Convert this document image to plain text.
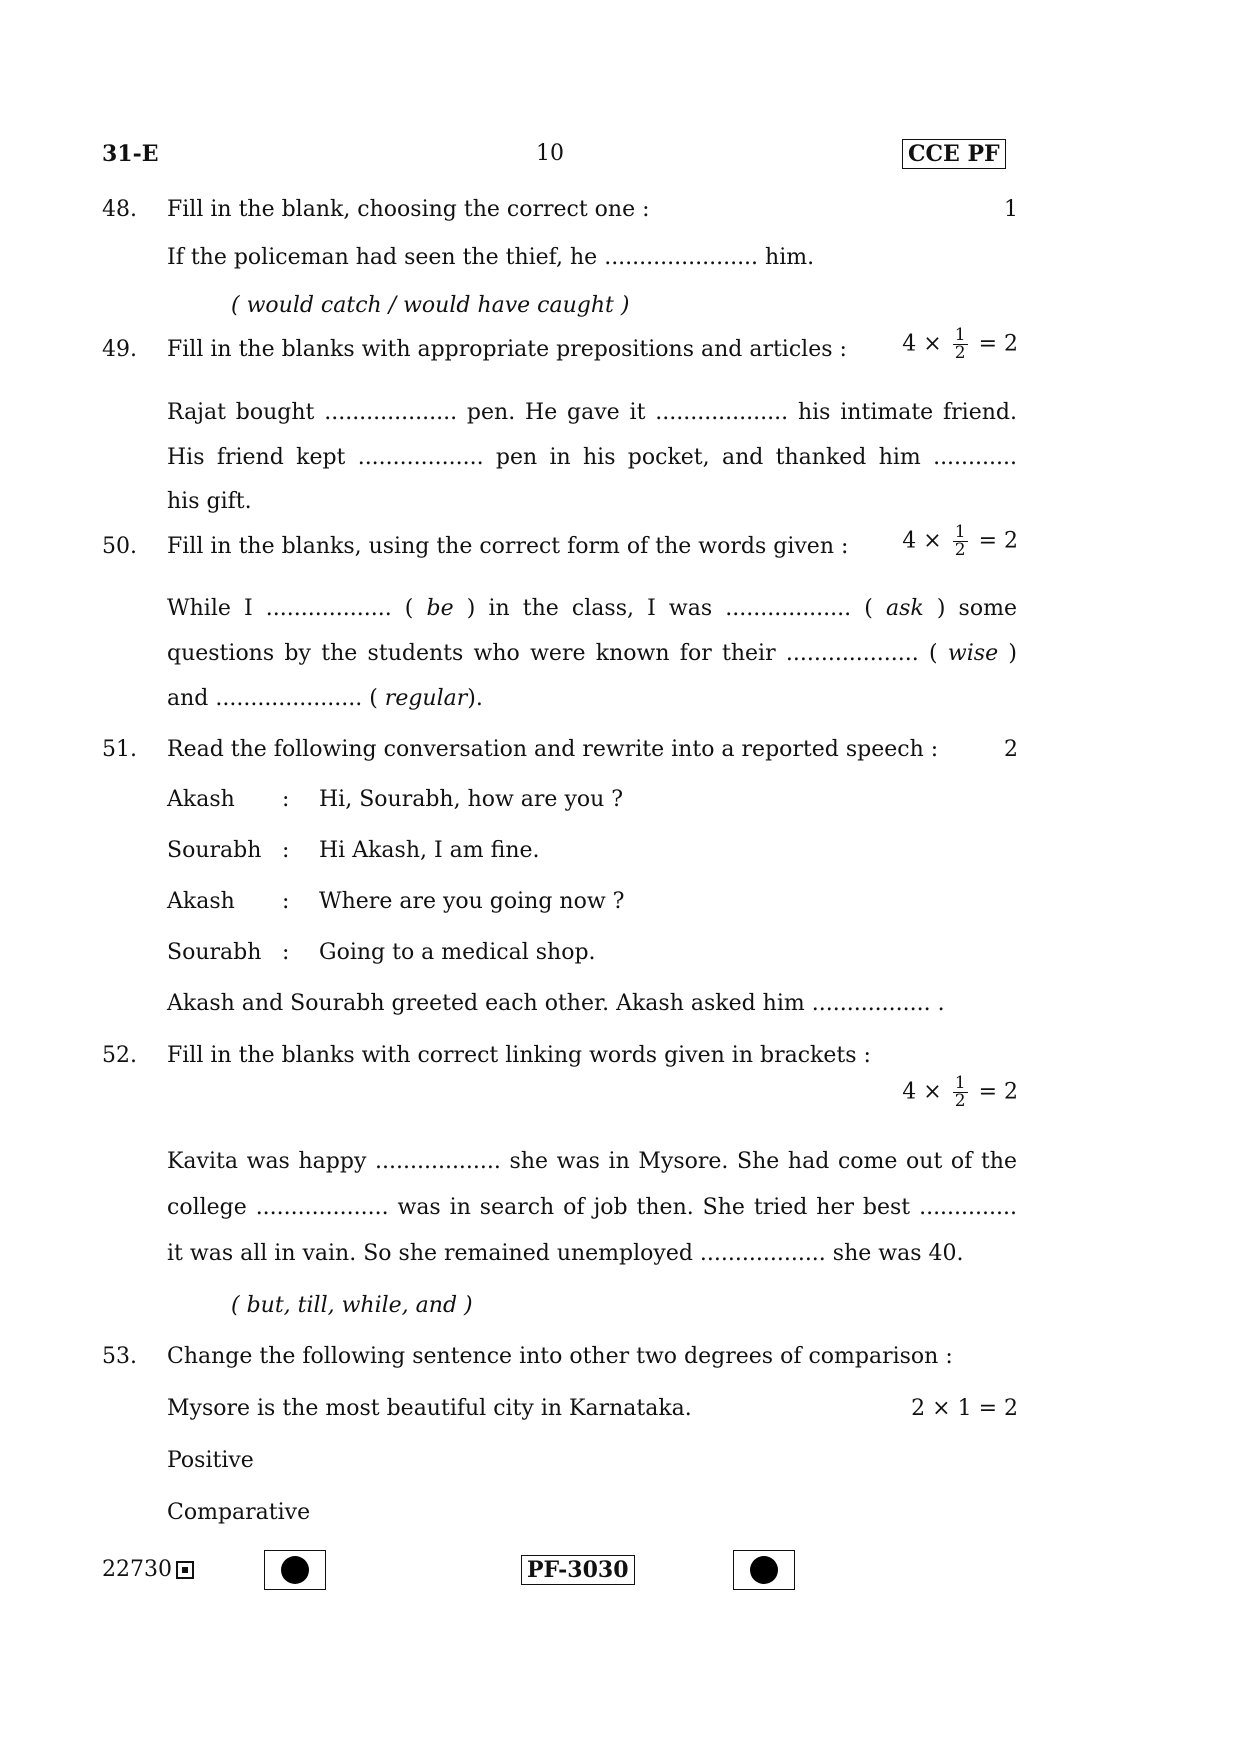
31-E	10	CCE PF
48. Fill in the blank, choosing the correct one :	1
If the policeman had seen the thief, he ...................... him.
( would catch / would have caught )
49. Fill in the blanks with appropriate prepositions and articles :	$4 \times \frac{1}{2} = 2$
Rajat bought ................... pen. He gave it ................... his intimate friend.
His friend kept .................. pen in his pocket, and thanked him ............
his gift.
50. Fill in the blanks, using the correct form of the words given : $4 \times \frac{1}{2} = 2$
While I .................. ( be ) in the class, I was .................. ( ask ) some
questions by the students who were known for their ................... ( wise )
and ..................... ( regular).
51. Read the following conversation and rewrite into a reported speech :	2
Akash : Hi, Sourabh, how are you ?
Sourabh : Hi Akash, I am fine.
Akash : Where are you going now ?
Sourabh : Going to a medical shop.
Akash and Sourabh greeted each other. Akash asked him ................. .
52. Fill in the blanks with correct linking words given in brackets :
$4 \times \frac{1}{2} = 2$
Kavita was happy .................. she was in Mysore. She had come out of the
college ................... was in search of job then. She tried her best ..............
it was all in vain. So she remained unemployed .................. she was 40.
( but, till, while, and )
53. Change the following sentence into other two degrees of comparison :
Mysore is the most beautiful city in Karnataka.	2 × 1 = 2
Positive
Comparative
22730	PF-3030
